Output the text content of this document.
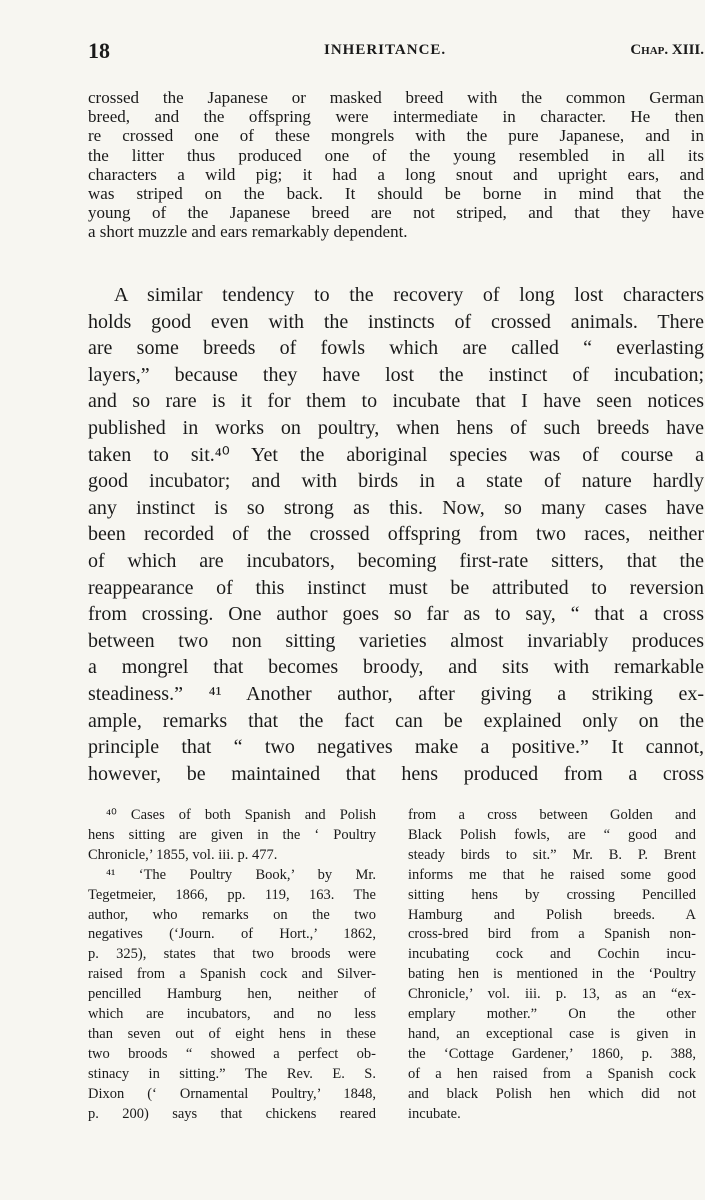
18	INHERITANCE.	Chap. XIII.
crossed the Japanese or masked breed with the common German
breed, and the offspring were intermediate in character. He then
re crossed one of these mongrels with the pure Japanese, and in
the litter thus produced one of the young resembled in all its
characters a wild pig; it had a long snout and upright ears, and
was striped on the back. It should be borne in mind that the
young of the Japanese breed are not striped, and that they have
a short muzzle and ears remarkably dependent.
A similar tendency to the recovery of long lost characters
holds good even with the instincts of crossed animals. There
are some breeds of fowls which are called “ everlasting
layers,” because they have lost the instinct of incubation;
and so rare is it for them to incubate that I have seen notices
published in works on poultry, when hens of such breeds have
taken to sit.⁴⁰ Yet the aboriginal species was of course a
good incubator; and with birds in a state of nature hardly
any instinct is so strong as this. Now, so many cases have
been recorded of the crossed offspring from two races, neither
of which are incubators, becoming first-rate sitters, that the
reappearance of this instinct must be attributed to reversion
from crossing. One author goes so far as to say, “ that a cross
between two non sitting varieties almost invariably produces
a mongrel that becomes broody, and sits with remarkable
steadiness.” ⁴¹ Another author, after giving a striking ex-
ample, remarks that the fact can be explained only on the
principle that “ two negatives make a positive.” It cannot,
however, be maintained that hens produced from a cross
⁴⁰ Cases of both Spanish and Polish
hens sitting are given in the ‘ Poultry
Chronicle,’ 1855, vol. iii. p. 477.
⁴¹ ‘The Poultry Book,’ by Mr.
Tegetmeier, 1866, pp. 119, 163. The
author, who remarks on the two
negatives (‘Journ. of Hort.,’ 1862,
p. 325), states that two broods were
raised from a Spanish cock and Silver-
pencilled Hamburg hen, neither of
which are incubators, and no less
than seven out of eight hens in these
two broods “ showed a perfect ob-
stinacy in sitting.” The Rev. E. S.
Dixon (‘ Ornamental Poultry,’ 1848,
p. 200) says that chickens reared
from a cross between Golden and
Black Polish fowls, are “ good and
steady birds to sit.” Mr. B. P. Brent
informs me that he raised some good
sitting hens by crossing Pencilled
Hamburg and Polish breeds. A
cross-bred bird from a Spanish non-
incubating cock and Cochin incu-
bating hen is mentioned in the ‘Poultry
Chronicle,’ vol. iii. p. 13, as an “ex-
emplary mother.” On the other
hand, an exceptional case is given in
the ‘Cottage Gardener,’ 1860, p. 388,
of a hen raised from a Spanish cock
and black Polish hen which did not
incubate.
